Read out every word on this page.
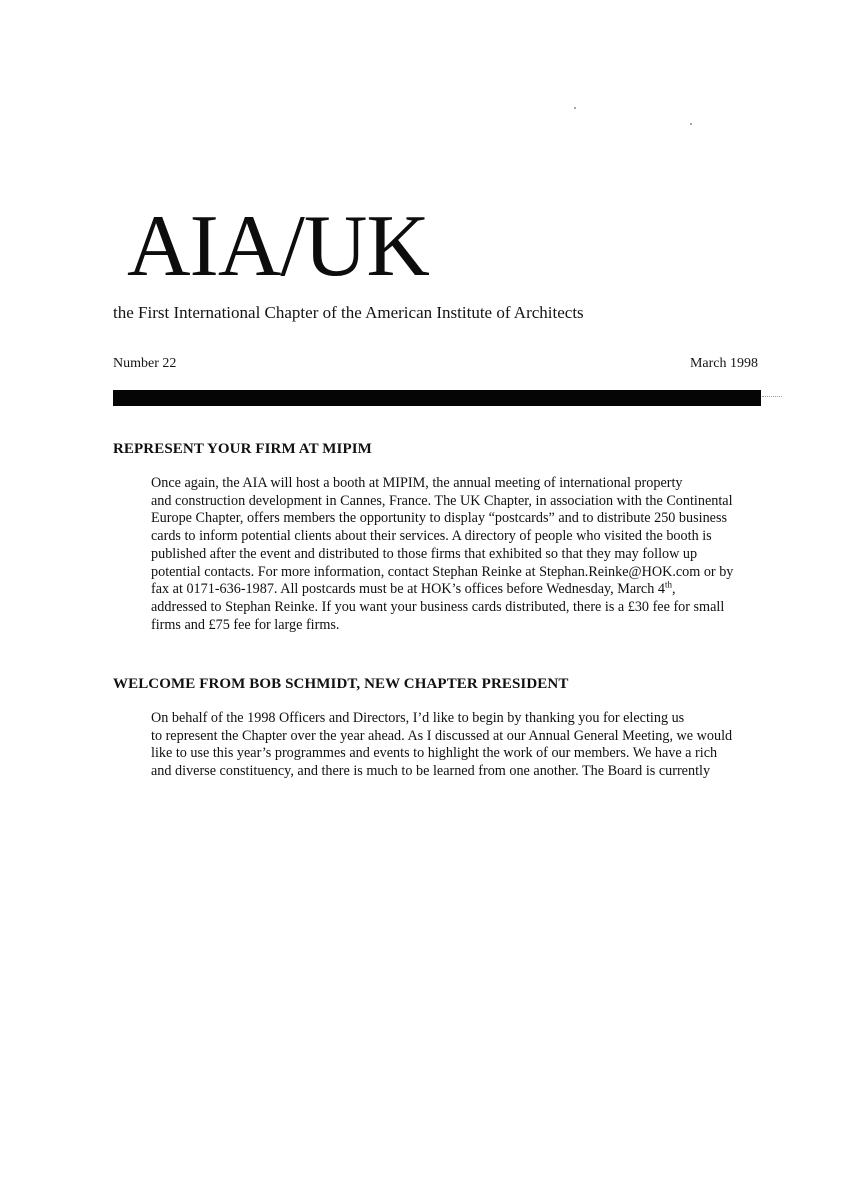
AIA/UK

the First International Chapter of the American Institute of Architects

Number 22	March 1998
REPRESENT YOUR FIRM AT MIPIM

Once again, the AIA will host a booth at MIPIM, the annual meeting of international property
and construction development in Cannes, France. The UK Chapter, in association with the Continental
Europe Chapter, offers members the opportunity to display “postcards” and to distribute 250 business
cards to inform potential clients about their services. A directory of people who visited the booth is
published after the event and distributed to those firms that exhibited so that they may follow up
potential contacts. For more information, contact Stephan Reinke at Stephan.Reinke@HOK.com or by
fax at 0171-636-1987. All postcards must be at HOK’s offices before Wednesday, March 4th,
addressed to Stephan Reinke. If you want your business cards distributed, there is a £30 fee for small
firms and £75 fee for large firms.

WELCOME FROM BOB SCHMIDT, NEW CHAPTER PRESIDENT

On behalf of the 1998 Officers and Directors, I’d like to begin by thanking you for electing us
to represent the Chapter over the year ahead. As I discussed at our Annual General Meeting, we would
like to use this year’s programmes and events to highlight the work of our members. We have a rich
and diverse constituency, and there is much to be learned from one another. The Board is currently
